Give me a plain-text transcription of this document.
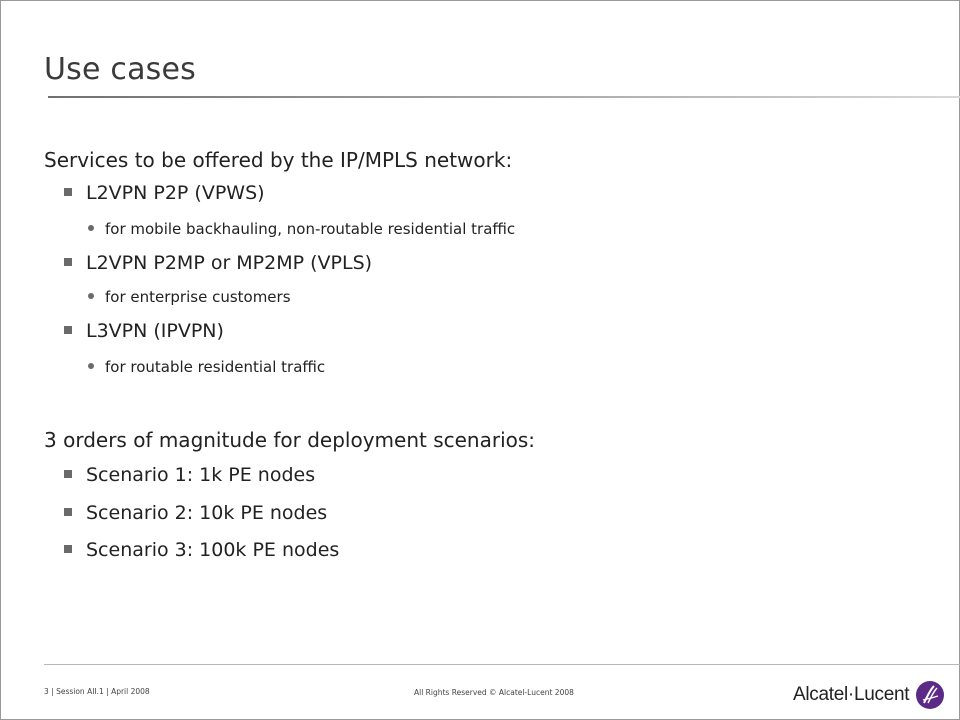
Use cases
Services to be offered by the IP/MPLS network:
L2VPN P2P (VPWS)
for mobile backhauling, non-routable residential traffic
L2VPN P2MP or MP2MP (VPLS)
for enterprise customers
L3VPN (IPVPN)
for routable residential traffic
3 orders of magnitude for deployment scenarios:
Scenario 1: 1k PE nodes
Scenario 2: 10k PE nodes
Scenario 3: 100k PE nodes
3 | Session AII.1 | April 2008	All Rights Reserved © Alcatel-Lucent 2008	Alcatel·Lucent
